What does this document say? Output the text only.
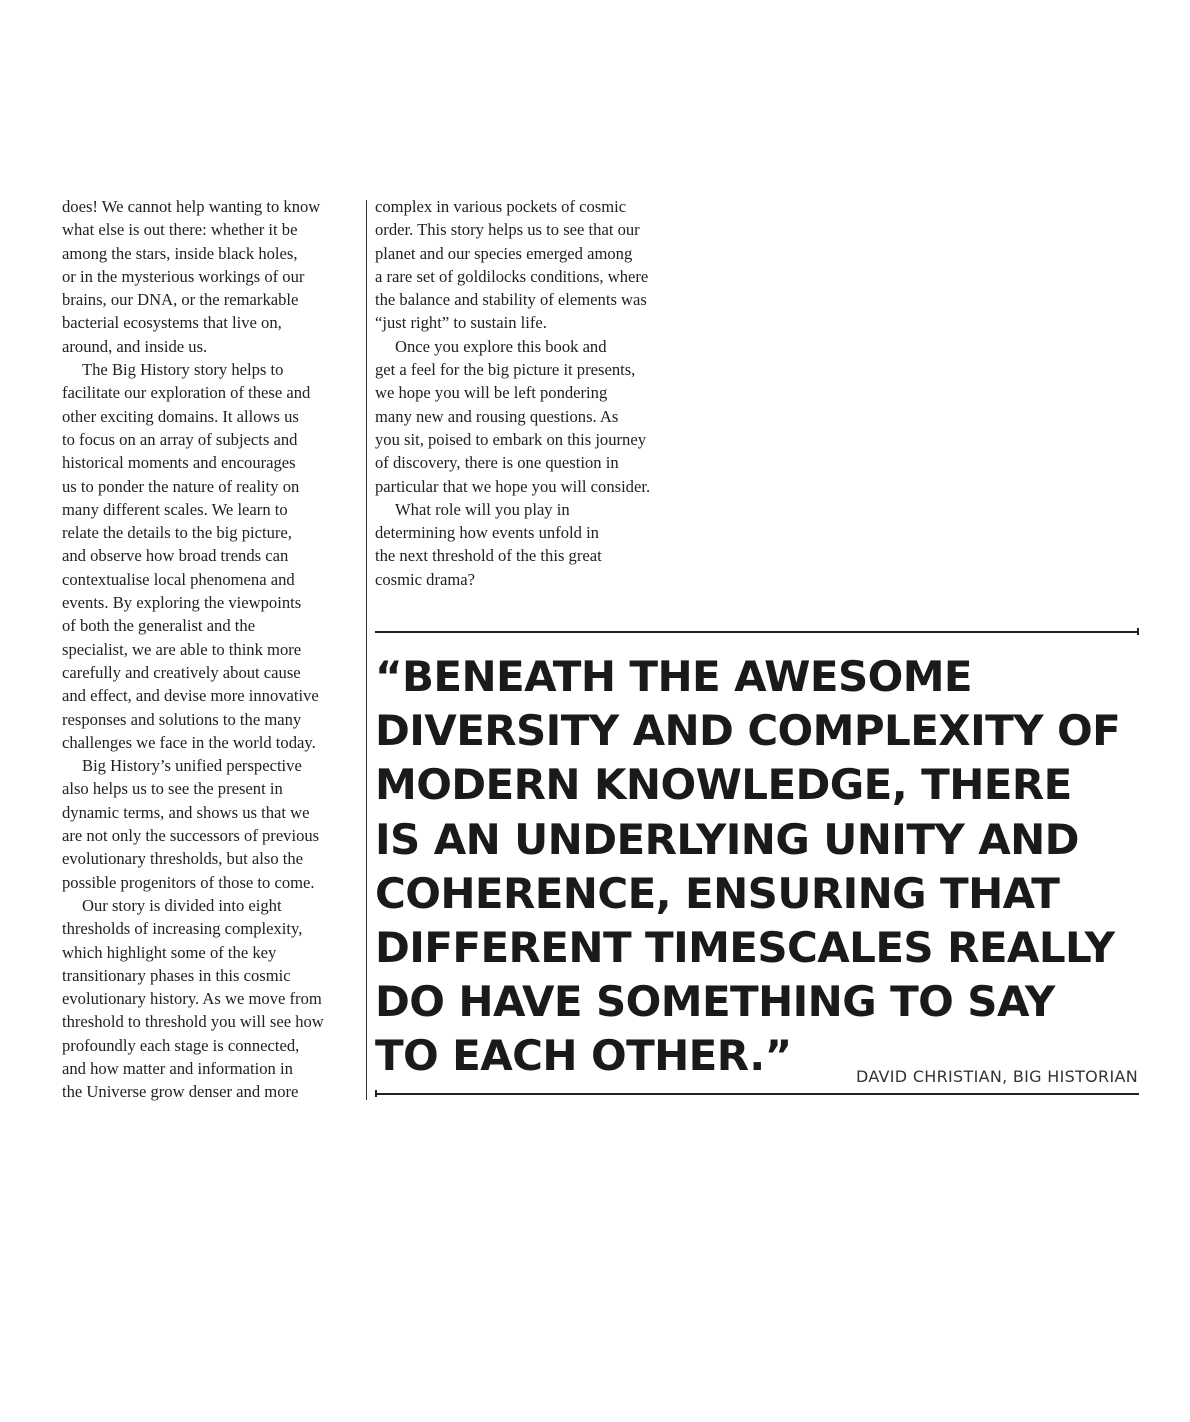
does! We cannot help wanting to know
what else is out there: whether it be
among the stars, inside black holes,
or in the mysterious workings of our
brains, our DNA, or the remarkable
bacterial ecosystems that live on,
around, and inside us.
The Big History story helps to
facilitate our exploration of these and
other exciting domains. It allows us
to focus on an array of subjects and
historical moments and encourages
us to ponder the nature of reality on
many different scales. We learn to
relate the details to the big picture,
and observe how broad trends can
contextualise local phenomena and
events. By exploring the viewpoints
of both the generalist and the
specialist, we are able to think more
carefully and creatively about cause
and effect, and devise more innovative
responses and solutions to the many
challenges we face in the world today.
Big History’s unified perspective
also helps us to see the present in
dynamic terms, and shows us that we
are not only the successors of previous
evolutionary thresholds, but also the
possible progenitors of those to come.
Our story is divided into eight
thresholds of increasing complexity,
which highlight some of the key
transitionary phases in this cosmic
evolutionary history. As we move from
threshold to threshold you will see how
profoundly each stage is connected,
and how matter and information in
the Universe grow denser and more
complex in various pockets of cosmic
order. This story helps us to see that our
planet and our species emerged among
a rare set of goldilocks conditions, where
the balance and stability of elements was
“just right” to sustain life.
Once you explore this book and
get a feel for the big picture it presents,
we hope you will be left pondering
many new and rousing questions. As
you sit, poised to embark on this journey
of discovery, there is one question in
particular that we hope you will consider.
What role will you play in
determining how events unfold in
the next threshold of the this great
cosmic drama?
“BENEATH THE AWESOME
DIVERSITY AND COMPLEXITY OF
MODERN KNOWLEDGE, THERE
IS AN UNDERLYING UNITY AND
COHERENCE, ENSURING THAT
DIFFERENT TIMESCALES REALLY
DO HAVE SOMETHING TO SAY
TO EACH OTHER.”	DAVID CHRISTIAN, BIG HISTORIAN
